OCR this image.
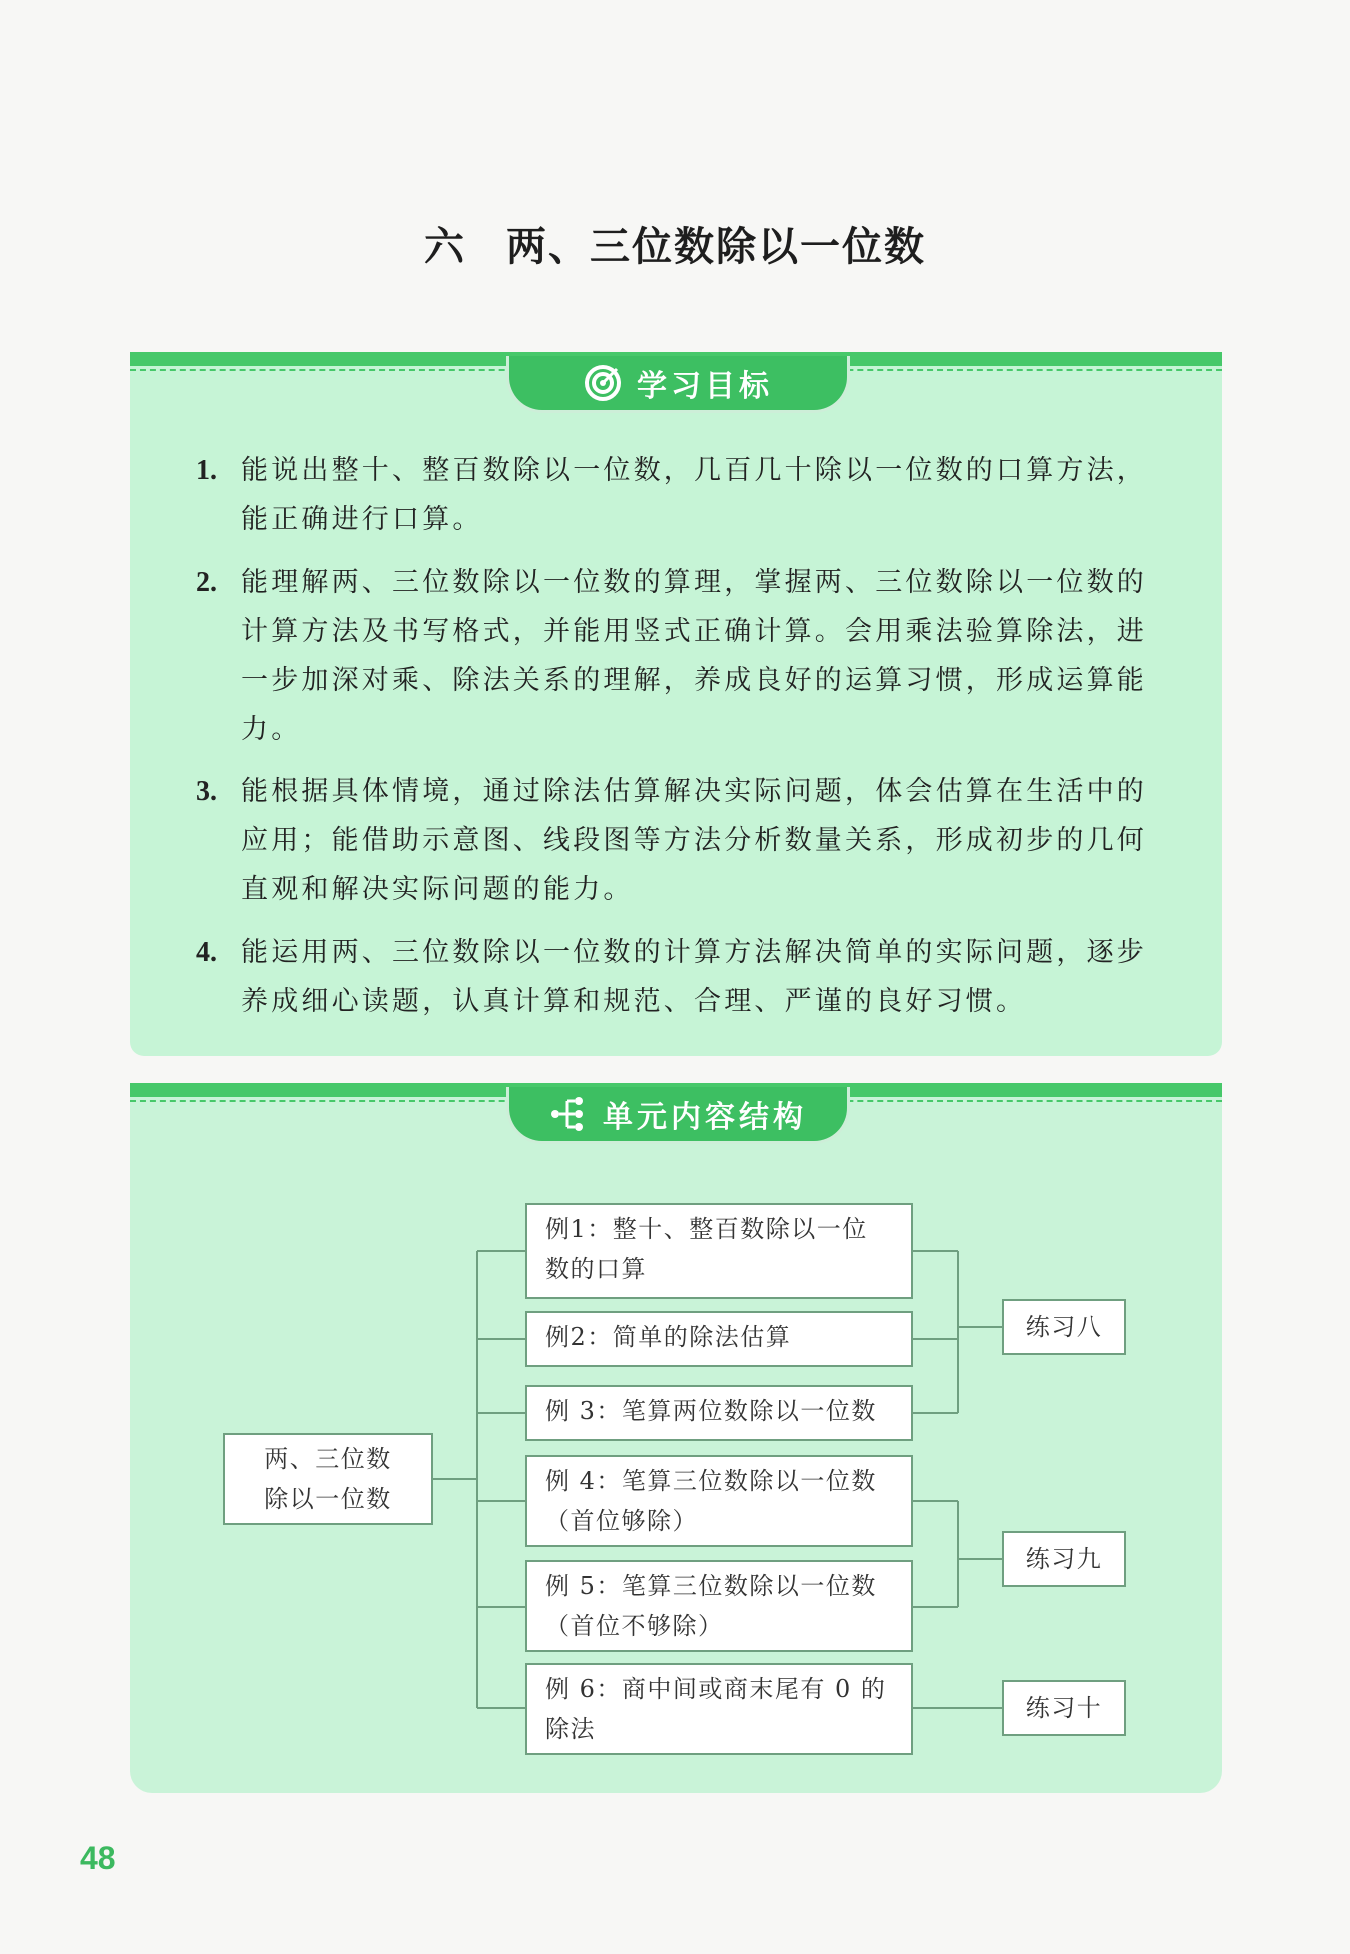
六 两、三位数除以一位数
学习目标
1. 能说出整十、整百数除以一位数，几百几十除以一位数的口算方法，能正确进行口算。
2. 能理解两、三位数除以一位数的算理，掌握两、三位数除以一位数的计算方法及书写格式，并能用竖式正确计算。会用乘法验算除法，进一步加深对乘、除法关系的理解，养成良好的运算习惯，形成运算能力。
3. 能根据具体情境，通过除法估算解决实际问题，体会估算在生活中的应用；能借助示意图、线段图等方法分析数量关系，形成初步的几何直观和解决实际问题的能力。
4. 能运用两、三位数除以一位数的计算方法解决简单的实际问题，逐步养成细心读题，认真计算和规范、合理、严谨的良好习惯。
单元内容结构
两、三位数
除以一位数
例1：整十、整百数除以一位
数的口算
例2：简单的除法估算
例 3：笔算两位数除以一位数
例 4：笔算三位数除以一位数
（首位够除）
例 5：笔算三位数除以一位数
（首位不够除）
例 6：商中间或商末尾有 0 的
除法
练习八
练习九
练习十
48
